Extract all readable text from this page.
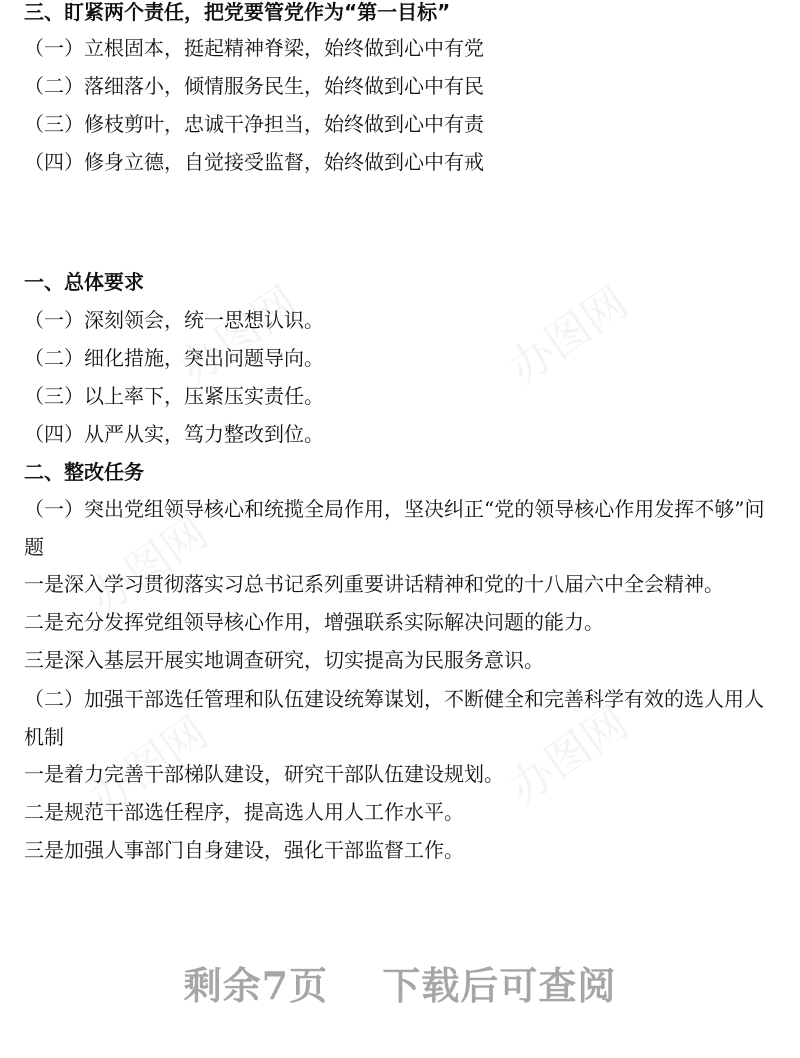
三、盯紧两个责任，把党要管党作为“第一目标”
（一）立根固本，挺起精神脊梁，始终做到心中有党
（二）落细落小，倾情服务民生，始终做到心中有民
（三）修枝剪叶，忠诚干净担当，始终做到心中有责
（四）修身立德，自觉接受监督，始终做到心中有戒
一、总体要求
（一）深刻领会，统一思想认识。
（二）细化措施，突出问题导向。
（三）以上率下，压紧压实责任。
（四）从严从实，笃力整改到位。
二、整改任务
（一）突出党组领导核心和统揽全局作用，坚决纠正“党的领导核心作用发挥不够”问题
一是深入学习贯彻落实习总书记系列重要讲话精神和党的十八届六中全会精神。
二是充分发挥党组领导核心作用，增强联系实际解决问题的能力。
三是深入基层开展实地调查研究，切实提高为民服务意识。
（二）加强干部选任管理和队伍建设统筹谋划，不断健全和完善科学有效的选人用人机制
一是着力完善干部梯队建设，研究干部队伍建设规划。
二是规范干部选任程序，提高选人用人工作水平。
三是加强人事部门自身建设，强化干部监督工作。
剩余7页 下载后可查阅
